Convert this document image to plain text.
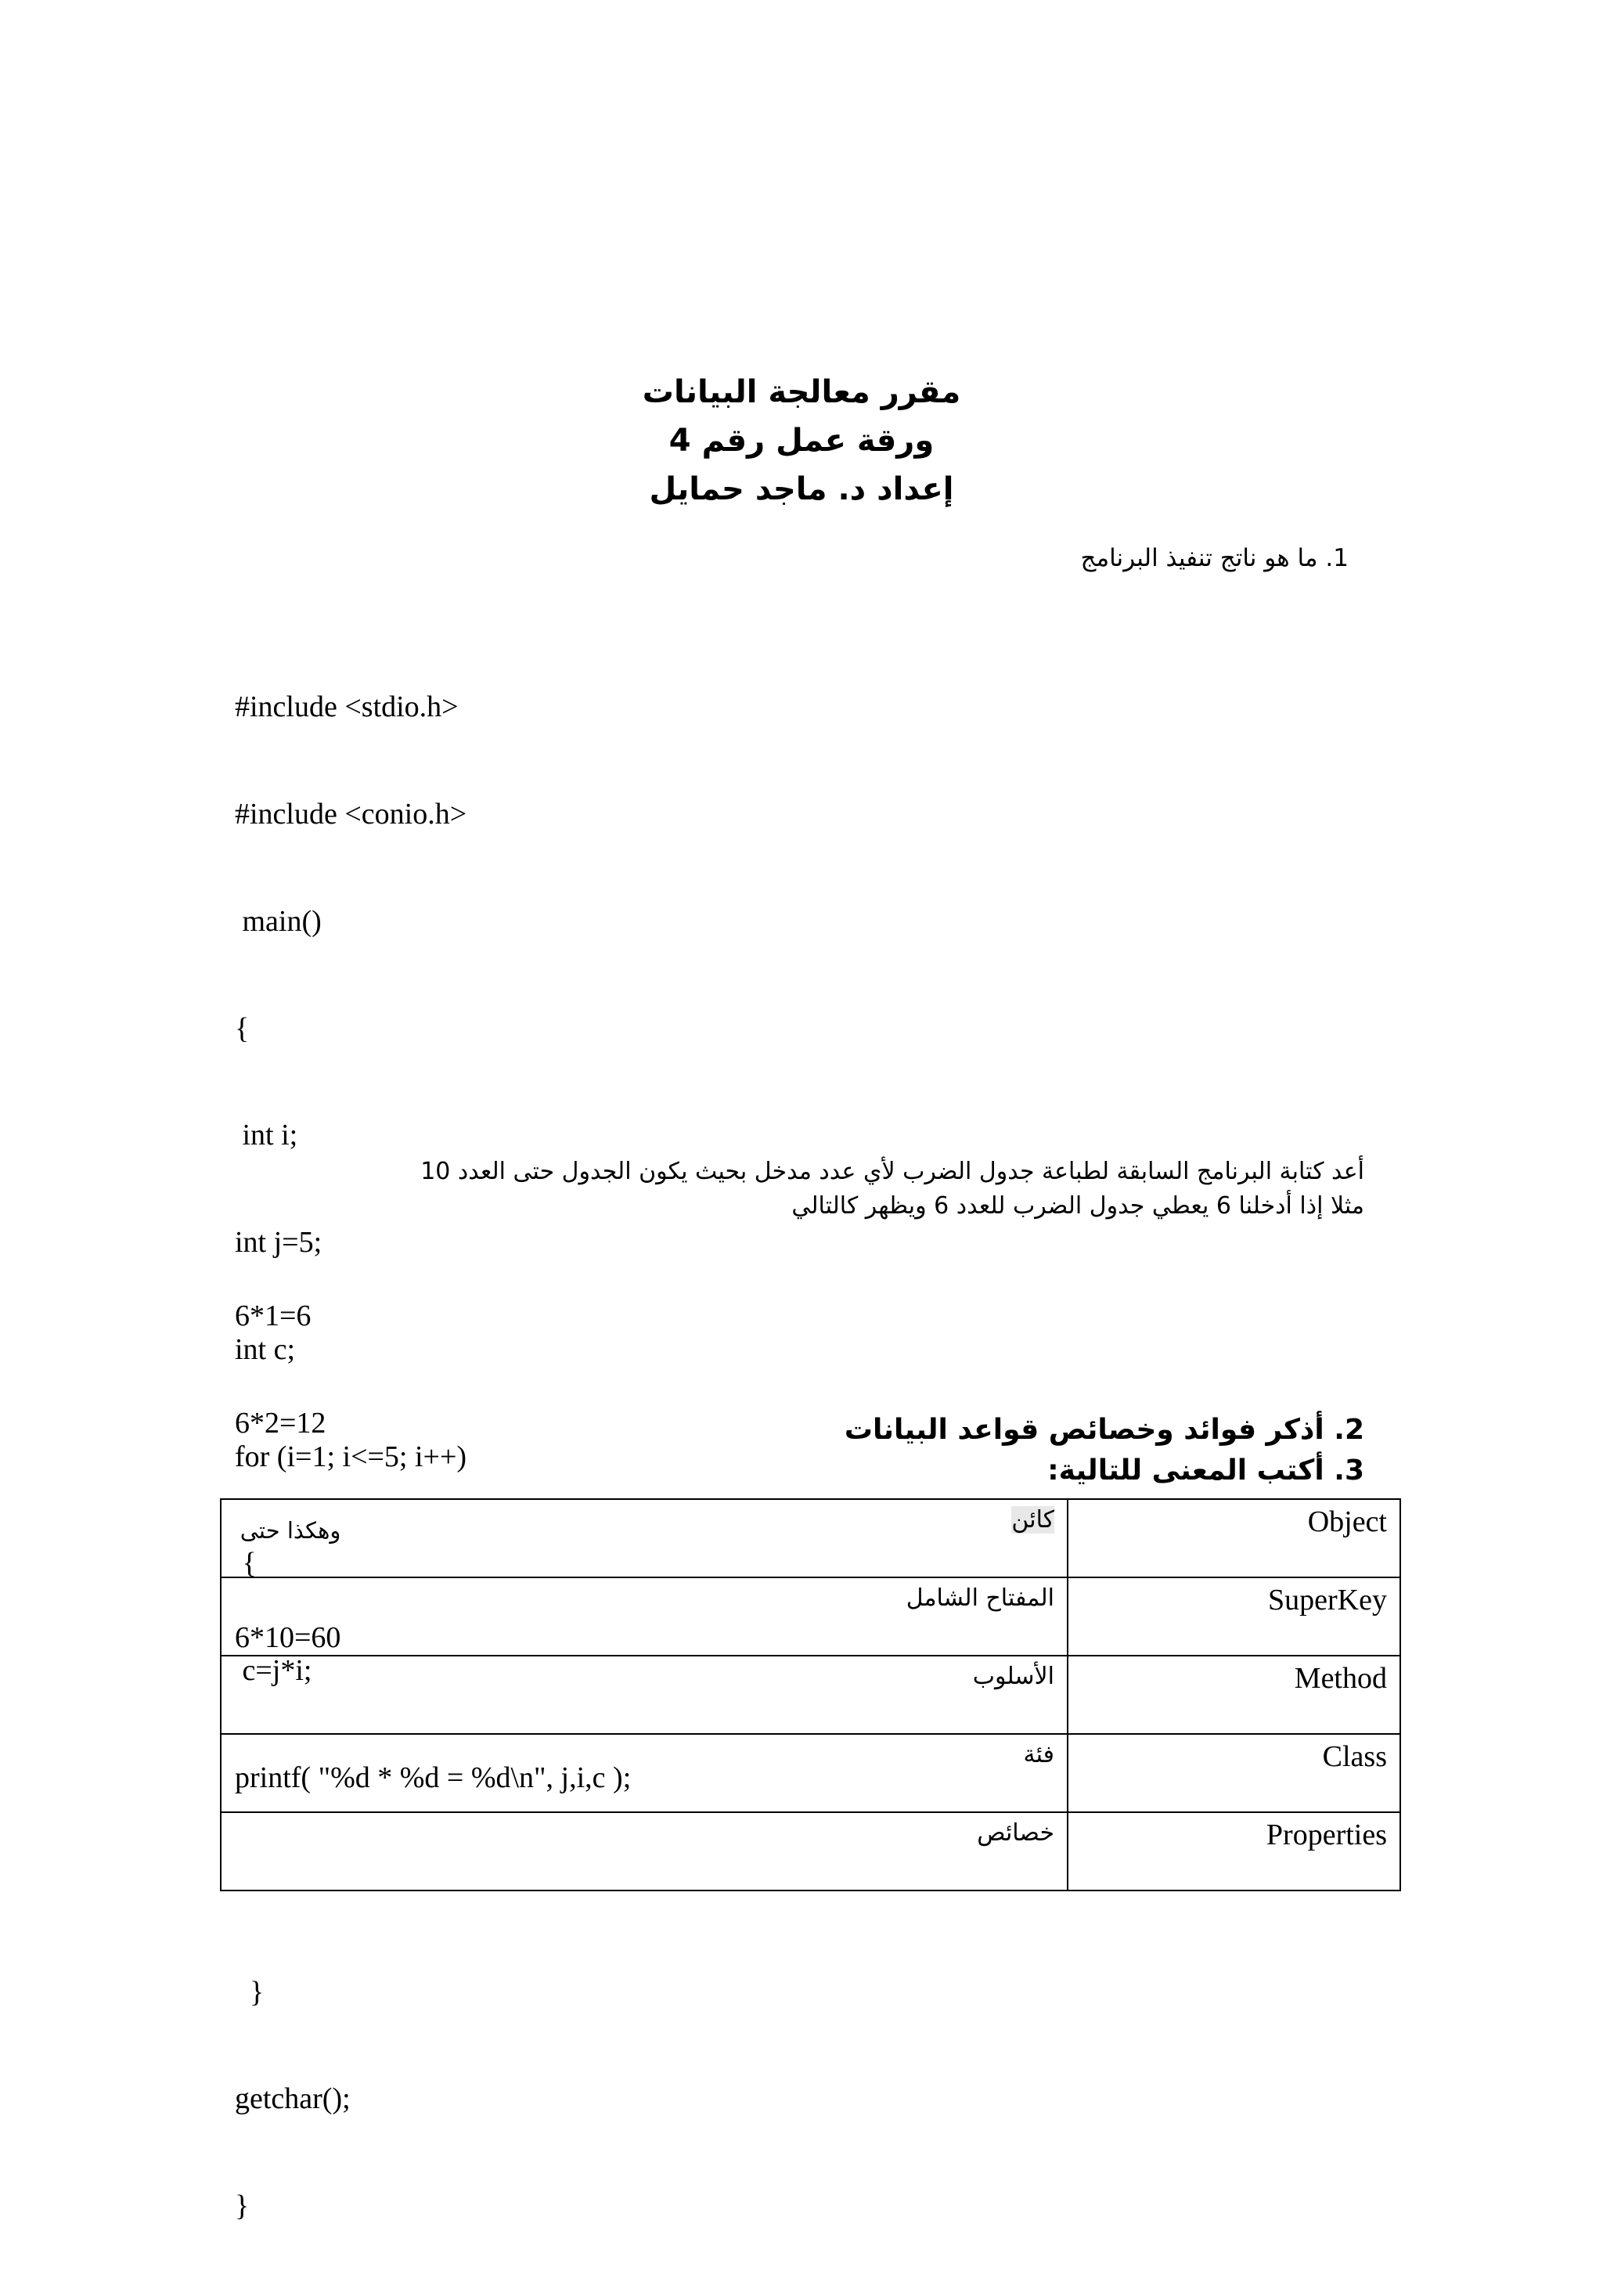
مقرر معالجة البيانات
ورقة عمل رقم 4
إعداد د. ماجد حمايل
1. ما هو ناتج تنفيذ البرنامج

#include <stdio.h>

#include <conio.h>

main()

{

int i;

int j=5;

int c;

for (i=1; i<=5; i++)

{

c=j*i;

printf( "%d * %d = %d\n", j,i,c );

}

getchar();

}

أعد كتابة البرنامج السابقة لطباعة جدول الضرب لأي عدد مدخل بحيث يكون الجدول حتى العدد 10
مثلا إذا أدخلنا 6 يعطي جدول الضرب للعدد 6 ويظهر كالتالي

6*1=6

6*2=12

وهكذا حتى

6*10=60

2. أذكر فوائد وخصائص قواعد البيانات
3. أكتب المعنى للتالية:
كائن	Object
المفتاح الشامل	SuperKey
الأسلوب	Method
فئة	Class
خصائص	Properties
